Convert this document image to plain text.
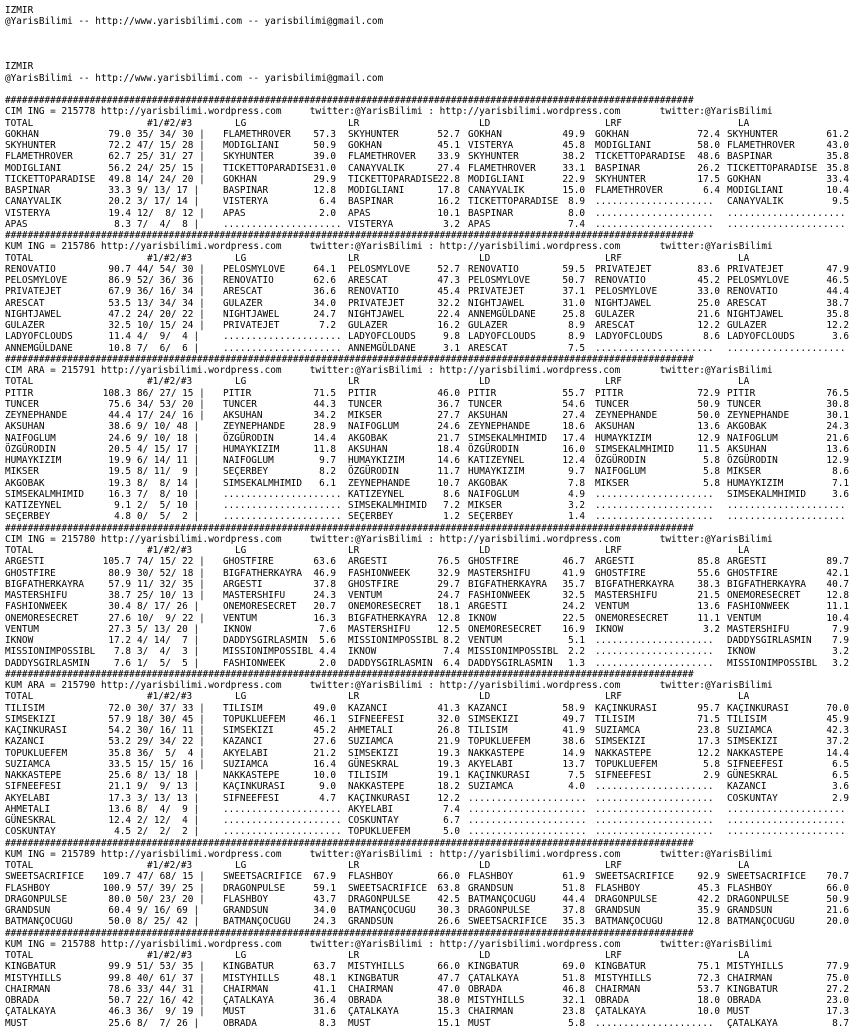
IZMIR
@YarisBilimi -- http://www.yarisbilimi.com -- yarisbilimi@gmail.com
IZMIR
@YarisBilimi -- http://www.yarisbilimi.com -- yarisbilimi@gmail.com
##########################################################################################################################
CIM ING = 215778 http://yarisbilimi.wordpress.com     twitter:@YarisBilimi : http://yarisbilimi.wordpress.com       twitter:@YarisBilimi
TOTAL	#1/#2/#3	LG	LR	LD	LRF	LA
GOKHAN	79.0 35/ 34/ 30 | FLAMETHROVER 57.3 SKYHUNTER	52.7 GOKHAN	49.9 GOKHAN	72.4 SKYHUNTER	61.2
SKYHUNTER	72.2 47/ 15/ 28 | MODIGLIANI	50.9 GOKHAN	45.1 VISTERYA	45.8 MODIGLIANI	58.0 FLAMETHROVER	43.0
FLAMETHROVER	62.7 25/ 31/ 27 | SKYHUNTER	39.0 FLAMETHROVER 33.9 SKYHUNTER	38.2 TICKETTOPARADISE 48.6 BASPINAR	35.8
MODIGLIANI	56.2 24/ 25/ 15 | TICKETTOPARADISE 31.0 CANAYVALIK	27.4 FLAMETHROVER	33.1 BASPINAR	26.2 TICKETTOPARADISE 35.8
TICKETTOPARADISE 49.8 14/ 24/ 20 | GOKHAN	29.9 TICKETTOPARADISE 22.8 MODIGLIANI	22.9 SKYHUNTER	17.5 GOKHAN	33.4
BASPINAR	33.3 9/ 13/ 17 |	BASPINAR	12.8 MODIGLIANI	17.8 CANAYVALIK	15.0 FLAMETHROVER	6.4 MODIGLIANI	10.4
CANAYVALIK	20.2 3/ 17/ 14 |	VISTERYA	6.4 BASPINAR	16.2 TICKETTOPARADISE 8.9 ..................... CANAYVALIK	9.5
VISTERYA	19.4 12/  8/ 12 | APAS	2.0 APAS	10.1 BASPINAR	8.0 ..................... .....................
APAS	8.3 7/  4/  8 |	..................... VISTERYA	3.2 APAS	7.4 ..................... .....................
##########################################################################################################################
KUM ING = 215786 http://yarisbilimi.wordpress.com     twitter:@YarisBilimi : http://yarisbilimi.wordpress.com       twitter:@YarisBilimi
TOTAL	#1/#2/#3	LG	LR	LD	LRF	LA
RENOVATIO	90.7 44/ 54/ 30 | PELOSMYLOVE	64.1 PELOSMYLOVE	52.7 RENOVATIO	59.5 PRIVATEJET	83.6 PRIVATEJET	47.9
PELOSMYLOVE	86.9 52/ 36/ 36 | RENOVATIO	62.6 ARESCAT	47.3 PELOSMYLOVE	50.7 RENOVATIO	45.2 PELOSMYLOVE	46.5
PRIVATEJET	67.9 36/ 16/ 34 | ARESCAT	36.6 RENOVATIO	45.4 PRIVATEJET	37.1 PELOSMYLOVE	33.0 RENOVATIO	44.4
ARESCAT	53.5 13/ 34/ 34 | GULAZER	34.0 PRIVATEJET	32.2 NIGHTJAWEL	31.0 NIGHTJAWEL	25.0 ARESCAT	38.7
NIGHTJAWEL	47.2 24/ 20/ 22 | NIGHTJAWEL	24.7 NIGHTJAWEL	22.4 ANNEMGÜLDANE	25.8 GULAZER	21.6 NIGHTJAWEL	35.8
GULAZER	32.5 10/ 15/ 24 | PRIVATEJET	7.2 GULAZER	16.2 GULAZER	8.9 ARESCAT	12.2 GULAZER	12.2
LADYOFCLOUDS	11.4 4/  9/  4 |	..................... LADYOFCLOUDS	9.8 LADYOFCLOUDS	8.9 LADYOFCLOUDS	8.6 LADYOFCLOUDS	3.6
ANNEMGÜLDANE	10.8 7/  6/  6 |	..................... ANNEMGÜLDANE	3.1 ARESCAT	7.5 ..................... .....................
##########################################################################################################################
CIM ARA = 215791 http://yarisbilimi.wordpress.com     twitter:@YarisBilimi : http://yarisbilimi.wordpress.com       twitter:@YarisBilimi
TOTAL	#1/#2/#3	LG	LR	LD	LRF	LA
PITIR	108.3 86/ 27/ 15 | PITIR	71.5 PITIR	46.0 PITIR	55.7 PITIR	72.9 PITIR	76.5
TUNCER	75.6 34/ 53/ 20 | TUNCER	44.3 TUNCER	36.7 TUNCER	54.6 TUNCER	50.9 TUNCER	30.8
ZEYNEPHANDE	44.4 17/ 24/ 16 | AKSUHAN	34.2 MIKSER	27.7 AKSUHAN	27.4 ZEYNEPHANDE	50.0 ZEYNEPHANDE	30.1
AKSUHAN	38.6 9/ 10/ 48 |	ZEYNEPHANDE	28.9 NAIFOGLUM	24.6 ZEYNEPHANDE	18.6 AKSUHAN	13.6 AKGOBAK	24.3
NAIFOGLUM	24.6 9/ 10/ 18 |	ÖZGÜRODIN	14.4 AKGOBAK	21.7 SIMSEKALMHIMID 17.4 HUMAYKIZIM	12.9 NAIFOGLUM	21.6
ÖZGÜRODIN	20.5 4/ 15/ 17 |	HUMAYKIZIM	11.8 AKSUHAN	18.4 ÖZGÜRODIN	16.0 SIMSEKALMHIMID 11.5 AKSUHAN	13.6
HUMAYKIZIM	19.9 6/ 14/ 11 |	NAIFOGLUM	9.7 HUMAYKIZIM	14.6 KATIZEYNEL	12.4 ÖZGÜRODIN	5.8 ÖZGÜRODIN	12.9
MIKSER	19.5 8/ 11/  9 |	SEÇERBEY	8.2 ÖZGÜRODIN	11.7 HUMAYKIZIM	9.7 NAIFOGLUM	5.8 MIKSER	8.6
AKGOBAK	19.3 8/  8/ 14 |	SIMSEKALMHIMID 6.1 ZEYNEPHANDE	10.7 AKGOBAK	7.8 MIKSER	5.8 HUMAYKIZIM	7.1
SIMSEKALMHIMID	16.3 7/  8/ 10 |	..................... KATIZEYNEL	8.6 NAIFOGLUM	4.9 ..................... SIMSEKALMHIMID	3.6
KATIZEYNEL	9.1 2/  5/ 10 |	..................... SIMSEKALMHIMID 7.2 MIKSER	3.2 ..................... .....................
SEÇERBEY	4.8 0/  5/  2 |	..................... SEÇERBEY	1.2 SEÇERBEY	1.4 ..................... .....................
##########################################################################################################################
CIM ING = 215780 http://yarisbilimi.wordpress.com     twitter:@YarisBilimi : http://yarisbilimi.wordpress.com       twitter:@YarisBilimi
TOTAL	#1/#2/#3	LG	LR	LD	LRF	LA
ARGESTI	105.7 74/ 15/ 22 | GHOSTFIRE	63.6 ARGESTI	76.5 GHOSTFIRE	46.7 ARGESTI	85.8 ARGESTI	89.7
GHOSTFIRE	80.9 30/ 52/ 18 | BIGFATHERKAYRA 46.9 FASHIONWEEK	32.9 MASTERSHIFU	41.9 GHOSTFIRE	55.6 GHOSTFIRE	42.1
BIGFATHERKAYRA	57.9 11/ 32/ 35 | ARGESTI	37.8 GHOSTFIRE	29.7 BIGFATHERKAYRA 35.7 BIGFATHERKAYRA 38.3 BIGFATHERKAYRA 40.7
MASTERSHIFU	38.7 25/ 10/ 13 | MASTERSHIFU	24.3 VENTUM	24.7 FASHIONWEEK	32.5 MASTERSHIFU	21.5 ONEMORESECRET	12.8
FASHIONWEEK	30.4 8/ 17/ 26 |	ONEMORESECRET 20.7 ONEMORESECRET 18.1 ARGESTI	24.2 VENTUM	13.6 FASHIONWEEK	11.1
ONEMORESECRET	27.6 10/  9/ 22 | VENTUM	16.3 BIGFATHERKAYRA 12.8 IKNOW	22.5 ONEMORESECRET	11.1 VENTUM	10.4
VENTUM	27.3 5/ 13/ 20 |	IKNOW	7.6 MASTERSHIFU	12.5 ONEMORESECRET 16.9 IKNOW	3.2 MASTERSHIFU	7.9
IKNOW	17.2 4/ 14/  7 |	DADDYSGIRLASMIN 5.6 MISSIONIMPOSSIBL 8.2 VENTUM	5.1 ..................... DADDYSGIRLASMIN 7.9
MISSIONIMPOSSIBL 7.8 3/  4/  3 |	MISSIONIMPOSSIBL 4.4 IKNOW	7.4 MISSIONIMPOSSIBL 2.2 ..................... IKNOW	3.2
DADDYSGIRLASMIN	7.6 1/  5/  5 |	FASHIONWEEK	2.0 DADDYSGIRLASMIN 6.4 DADDYSGIRLASMIN 1.3 ..................... MISSIONIMPOSSIBL 3.2
##########################################################################################################################
KUM ARA = 215790 http://yarisbilimi.wordpress.com     twitter:@YarisBilimi : http://yarisbilimi.wordpress.com       twitter:@YarisBilimi
TOTAL	#1/#2/#3	LG	LR	LD	LRF	LA
TILISIM	72.0 30/ 37/ 33 | TILISIM	49.0 KAZANCI	41.3 KAZANCI	58.9 KAÇINKURASI	95.7 KAÇINKURASI	70.0
SIMSEKIZI	57.9 18/ 30/ 45 | TOPUKLUEFEM	46.1 SIFNEEFESI	32.0 SIMSEKIZI	49.7 TILISIM	71.5 TILISIM	45.9
KAÇINKURASI	54.2 30/ 16/ 11 | SIMSEKIZI	45.2 AHMETALI	26.8 TILISIM	41.9 SUZIAMCA	23.8 SUZIAMCA	42.3
KAZANCI	53.2 29/ 34/ 22 | KAZANCI	27.6 SUZIAMCA	21.9 TOPUKLUEFEM	38.6 SIMSEKIZI	17.3 SIMSEKIZI	37.2
TOPUKLUEFEM	35.8 36/  5/  4 | AKYELABI	21.2 SIMSEKIZI	19.3 NAKKASTEPE	14.9 NAKKASTEPE	12.2 NAKKASTEPE	14.4
SUZIAMCA	33.5 15/ 15/ 16 | SUZIAMCA	16.4 GÜNESKRAL	19.3 AKYELABI	13.7 TOPUKLUEFEM	5.8 SIFNEEFESI	6.5
NAKKASTEPE	25.6 8/ 13/ 18 |	NAKKASTEPE	10.0 TILISIM	19.1 KAÇINKURASI	7.5 SIFNEEFESI	2.9 GÜNESKRAL	6.5
SIFNEEFESI	21.1 9/  9/ 13 |	KAÇINKURASI	9.0 NAKKASTEPE	18.2 SUZIAMCA	4.0 ..................... KAZANCI	3.6
AKYELABI	17.3 3/ 13/ 13 |	SIFNEEFESI	4.7 KAÇINKURASI	12.2 ..................... ..................... COSKUNTAY	2.9
AHMETALI	13.6 8/  4/  9 |	..................... AKYELABI	7.4 ..................... ..................... .....................
GÜNESKRAL	12.4 2/ 12/  4 |	..................... COSKUNTAY	6.7 ..................... ..................... .....................
COSKUNTAY	4.5 2/  2/  2 |	..................... TOPUKLUEFEM	5.0 ..................... ..................... .....................
##########################################################################################################################
KUM ING = 215789 http://yarisbilimi.wordpress.com     twitter:@YarisBilimi : http://yarisbilimi.wordpress.com       twitter:@YarisBilimi
TOTAL	#1/#2/#3	LG	LR	LD	LRF	LA
SWEETSACRIFICE 109.7 47/ 68/ 15 | SWEETSACRIFICE 67.9 FLASHBOY	66.0 FLASHBOY	61.9 SWEETSACRIFICE 92.9 SWEETSACRIFICE 70.7
FLASHBOY	100.9 57/ 39/ 25 | DRAGONPULSE	59.1 SWEETSACRIFICE 63.8 GRANDSUN	51.8 FLASHBOY	45.3 FLASHBOY	66.0
DRAGONPULSE	80.0 50/ 23/ 20 | FLASHBOY	43.7 DRAGONPULSE	42.5 BATMANÇOCUGU	44.4 DRAGONPULSE	42.2 DRAGONPULSE	50.9
GRANDSUN	60.4 9/ 16/ 69 |	GRANDSUN	34.0 BATMANÇOCUGU 30.3 DRAGONPULSE	37.8 GRANDSUN	35.9 GRANDSUN	21.6
BATMANÇOCUGU	50.0 8/ 25/ 42 |	BATMANÇOCUGU 24.3 GRANDSUN	26.6 SWEETSACRIFICE 35.3 BATMANÇOCUGU	12.8 BATMANÇOCUGU	20.0
##########################################################################################################################
KUM ING = 215788 http://yarisbilimi.wordpress.com     twitter:@YarisBilimi : http://yarisbilimi.wordpress.com       twitter:@YarisBilimi
TOTAL	#1/#2/#3	LG	LR	LD	LRF	LA
KINGBATUR	99.9 51/ 53/ 35 | KINGBATUR	63.7 MISTYHILLS	66.0 KINGBATUR	69.0 KINGBATUR	75.1 MISTYHILLS	77.9
MISTYHILLS	99.8 40/ 61/ 37 | MISTYHILLS	48.1 KINGBATUR	47.7 ÇATALKAYA	51.8 MISTYHILLS	72.3 CHAIRMAN	75.0
CHAIRMAN	78.6 33/ 44/ 31 | CHAIRMAN	41.1 CHAIRMAN	47.0 OBRADA	46.8 CHAIRMAN	53.7 KINGBATUR	27.2
OBRADA	50.7 22/ 16/ 42 | ÇATALKAYA	36.4 OBRADA	38.0 MISTYHILLS	32.1 OBRADA	18.0 OBRADA	23.0
ÇATALKAYA	46.3 36/  9/ 19 | MUST	31.6 ÇATALKAYA	15.3 CHAIRMAN	23.8 ÇATALKAYA	10.0 MUST	17.3
MUST	25.6 8/  7/ 26 |	OBRADA	8.3 MUST	15.1 MUST	5.8 ..................... ÇATALKAYA	8.7
